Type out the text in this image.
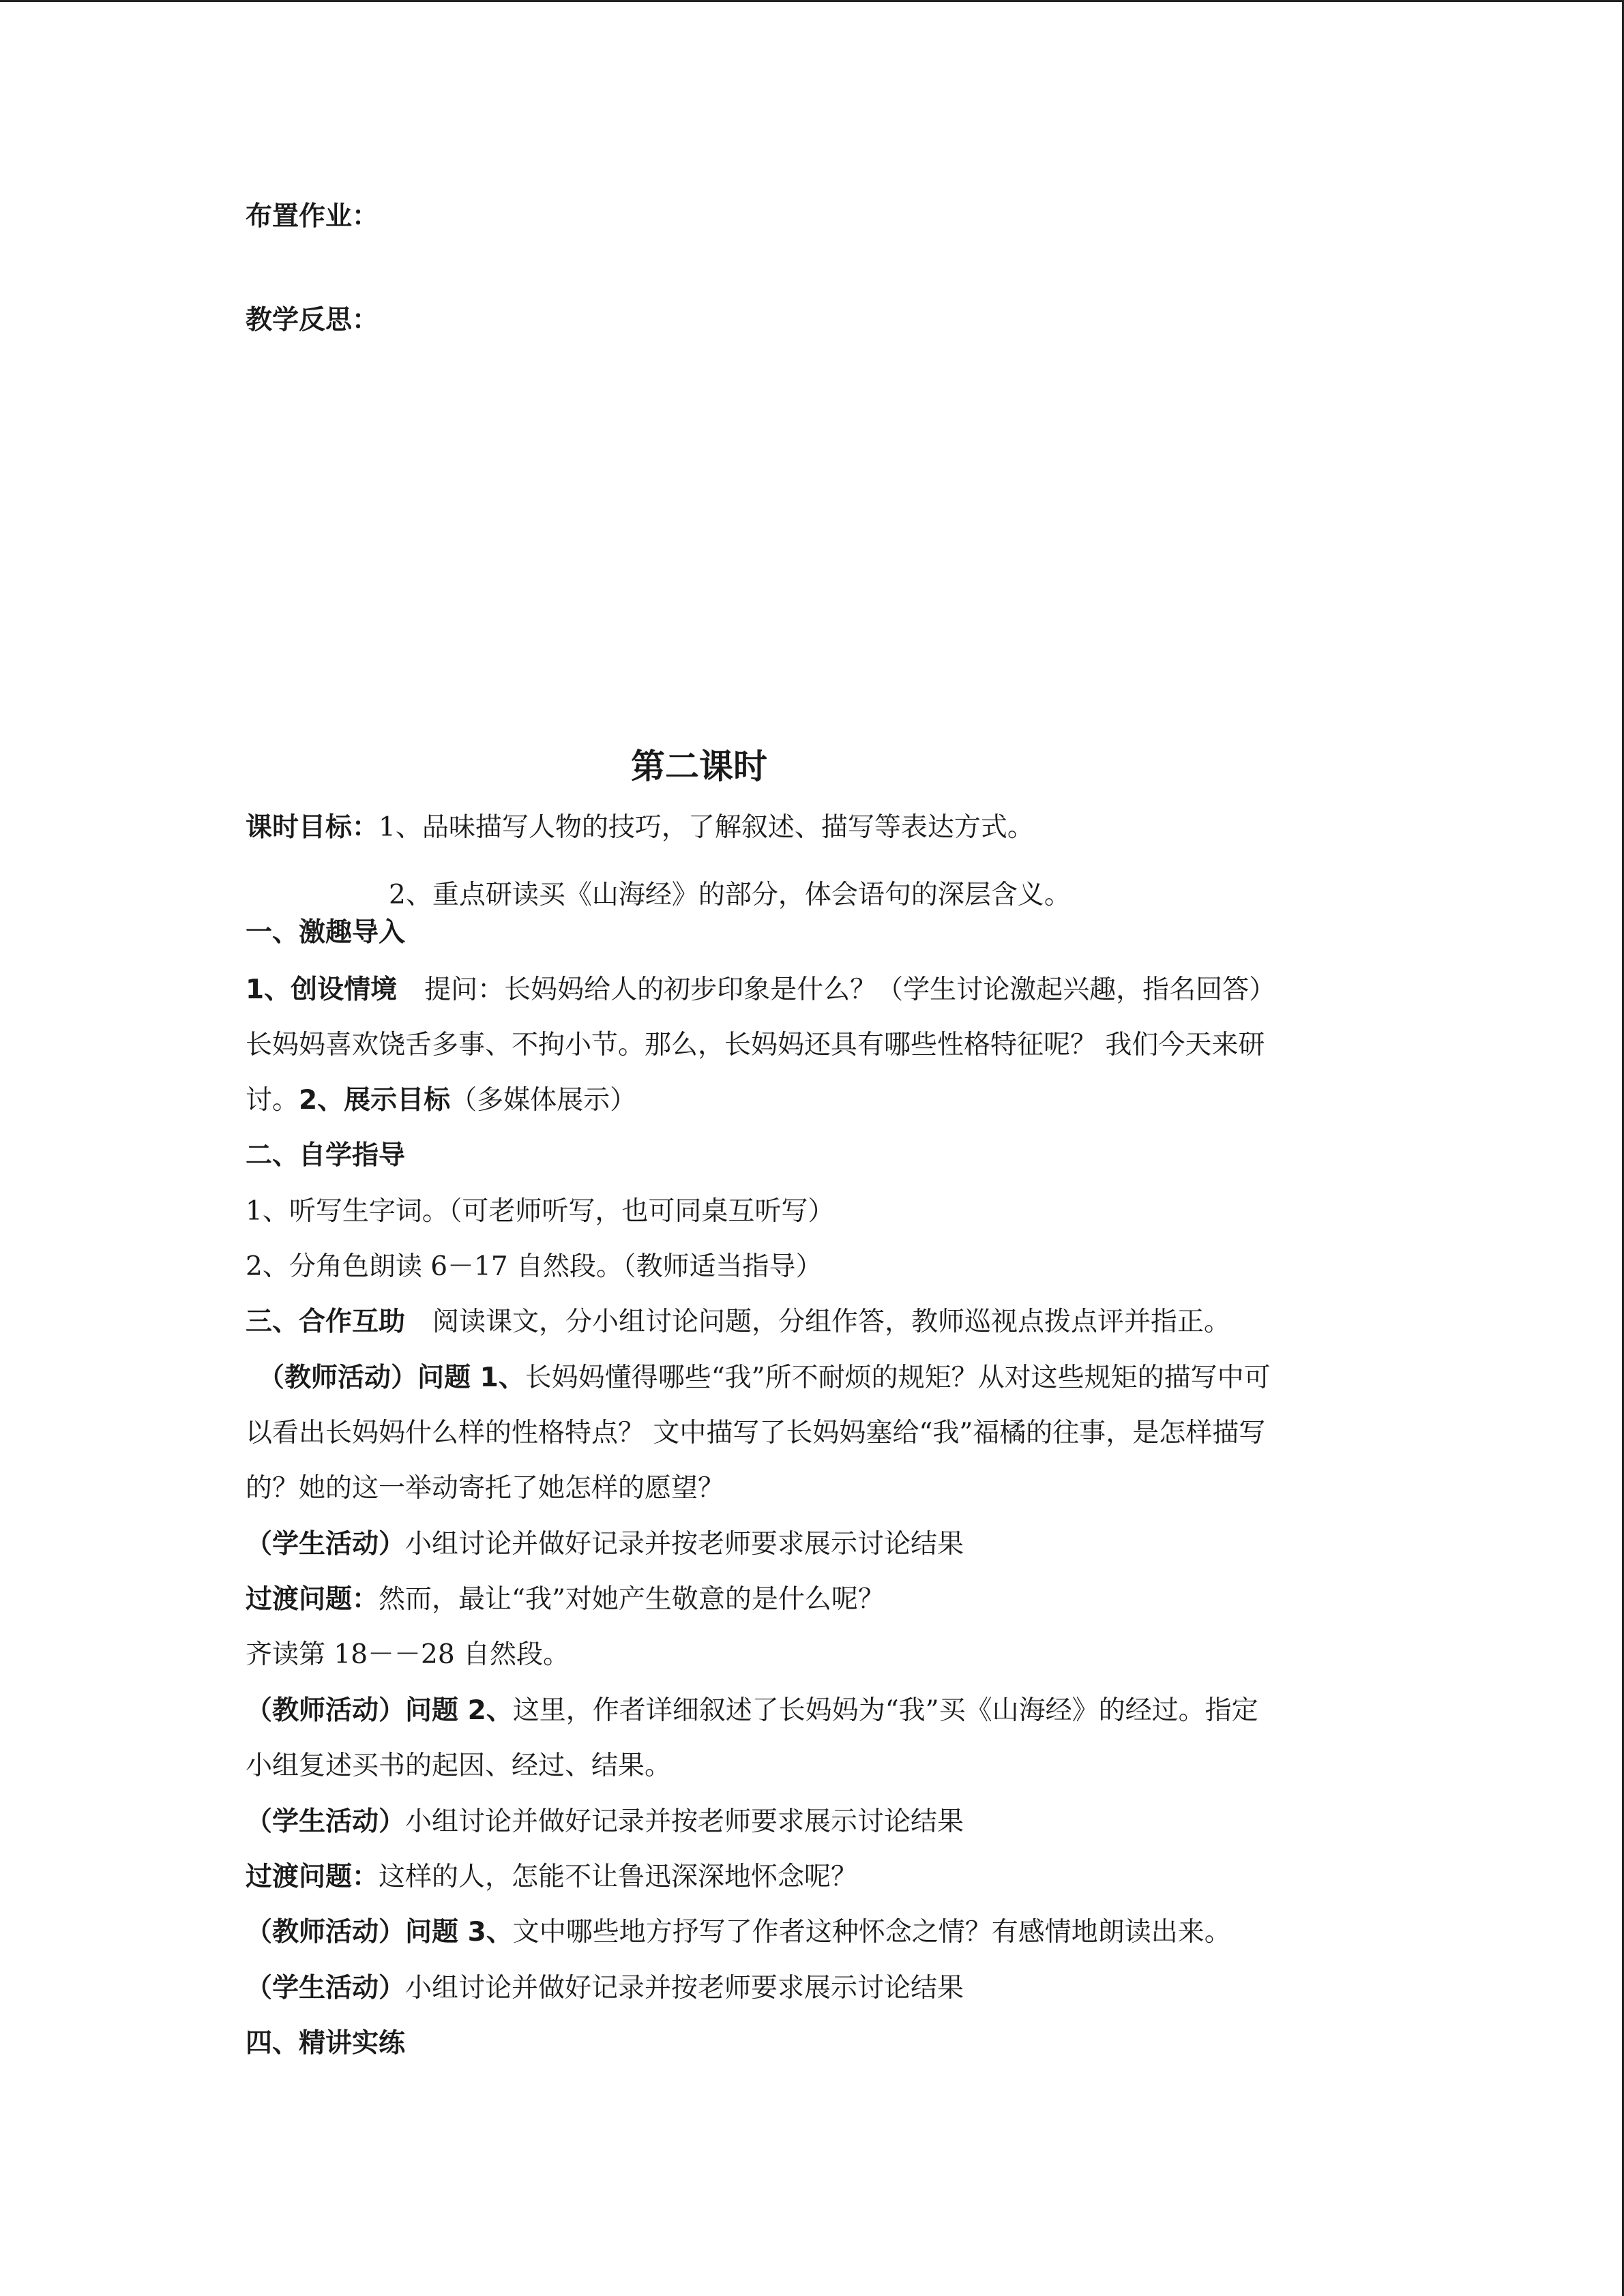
布置作业：
教学反思：
第二课时
课时目标：1、品味描写人物的技巧，了解叙述、描写等表达方式。
2、重点研读买《山海经》的部分，体会语句的深层含义。
一、激趣导入
1、创设情境 提问：长妈妈给人的初步印象是什么？（学生讨论激起兴趣，指名回答）
长妈妈喜欢饶舌多事、不拘小节。那么，长妈妈还具有哪些性格特征呢？ 我们今天来研
讨。2、展示目标（多媒体展示）
二、自学指导
1、听写生字词。（可老师听写，也可同桌互听写）
2、分角色朗读 6－17 自然段。（教师适当指导）
三、合作互助 阅读课文，分小组讨论问题，分组作答，教师巡视点拨点评并指正。
（教师活动）问题 1、长妈妈懂得哪些“我”所不耐烦的规矩？从对这些规矩的描写中可
以看出长妈妈什么样的性格特点？ 文中描写了长妈妈塞给“我”福橘的往事，是怎样描写
的？她的这一举动寄托了她怎样的愿望？
（学生活动）小组讨论并做好记录并按老师要求展示讨论结果
过渡问题：然而，最让“我”对她产生敬意的是什么呢？
齐读第 18－－28 自然段。
（教师活动）问题 2、这里，作者详细叙述了长妈妈为“我”买《山海经》的经过。指定
小组复述买书的起因、经过、结果。
（学生活动）小组讨论并做好记录并按老师要求展示讨论结果
过渡问题：这样的人，怎能不让鲁迅深深地怀念呢？
（教师活动）问题 3、文中哪些地方抒写了作者这种怀念之情？有感情地朗读出来。
（学生活动）小组讨论并做好记录并按老师要求展示讨论结果
四、精讲实练
